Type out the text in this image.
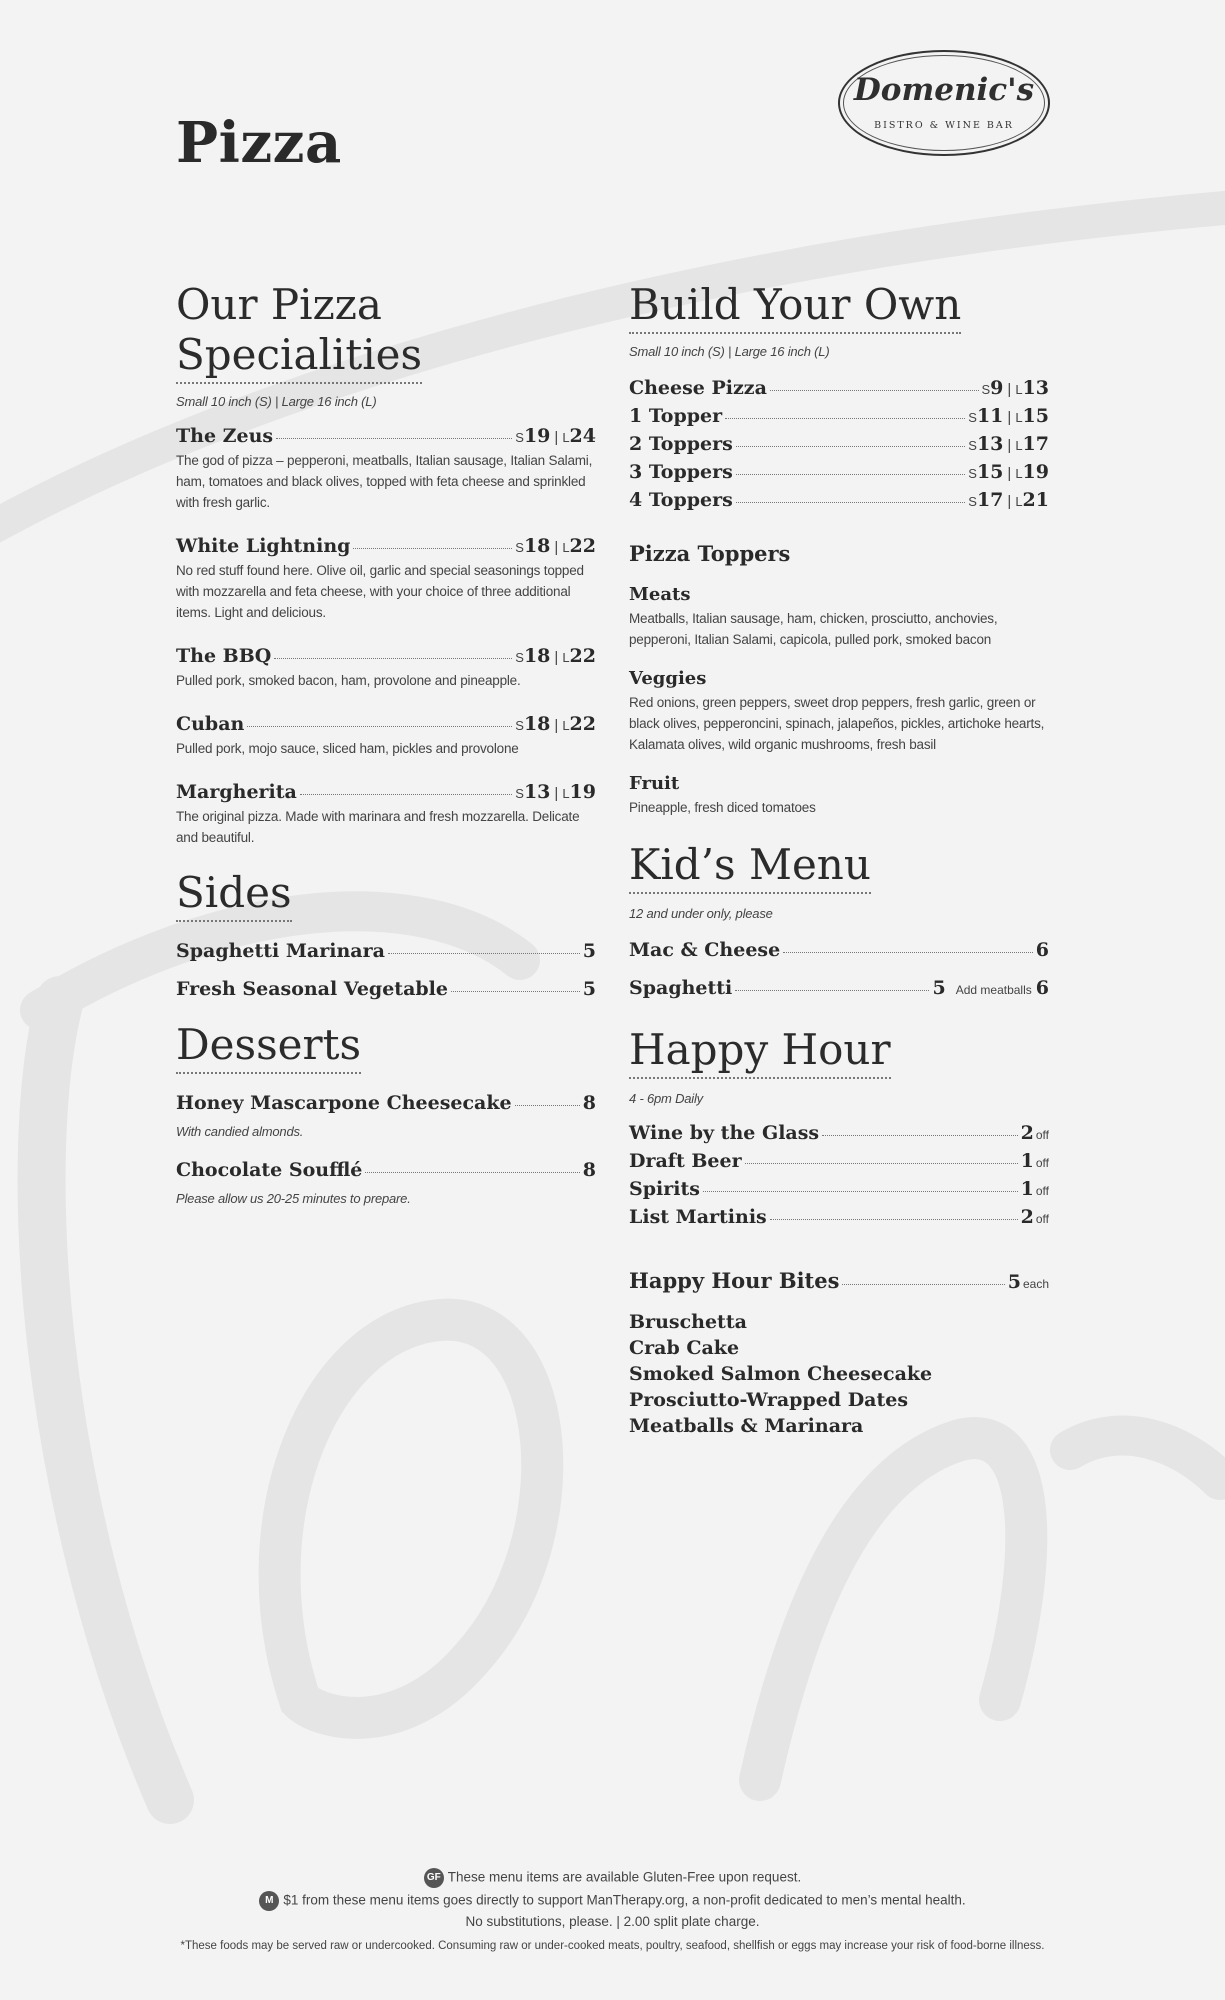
Pizza
Domenic's
BISTRO & WINE BAR
Our Pizza
Specialities
Small 10 inch (S) | Large 16 inch (L)
The Zeus	S19 | L24
The god of pizza – pepperoni, meatballs, Italian sausage, Italian Salami, ham, tomatoes and black olives, topped with feta cheese and sprinkled with fresh garlic.
White Lightning	S18 | L22
No red stuff found here. Olive oil, garlic and special seasonings topped with mozzarella and feta cheese, with your choice of three additional items. Light and delicious.
The BBQ	S18 | L22
Pulled pork, smoked bacon, ham, provolone and pineapple.
Cuban	S18 | L22
Pulled pork, mojo sauce, sliced ham, pickles and provolone
Margherita	S13 | L19
The original pizza. Made with marinara and fresh mozzarella. Delicate and beautiful.
Sides
Spaghetti Marinara	5
Fresh Seasonal Vegetable	5
Desserts
Honey Mascarpone Cheesecake	8
With candied almonds.
Chocolate Soufflé	8
Please allow us 20-25 minutes to prepare.
Build Your Own
Small 10 inch (S) | Large 16 inch (L)
Cheese Pizza	S9 | L13
1 Topper	S11 | L15
2 Toppers	S13 | L17
3 Toppers	S15 | L19
4 Toppers	S17 | L21
Pizza Toppers
Meats
Meatballs, Italian sausage, ham, chicken, prosciutto, anchovies, pepperoni, Italian Salami, capicola, pulled pork, smoked bacon
Veggies
Red onions, green peppers, sweet drop peppers, fresh garlic, green or black olives, pepperoncini, spinach, jalapeños, pickles, artichoke hearts, Kalamata olives, wild organic mushrooms, fresh basil
Fruit
Pineapple, fresh diced tomatoes
Kid’s Menu
12 and under only, please
Mac & Cheese	6
Spaghetti	5 Add meatballs 6
Happy Hour
4 - 6pm Daily
Wine by the Glass	2 off
Draft Beer	1 off
Spirits	1 off
List Martinis	2 off
Happy Hour Bites	5 each
Bruschetta
Crab Cake
Smoked Salmon Cheesecake
Prosciutto-Wrapped Dates
Meatballs & Marinara
GF These menu items are available Gluten-Free upon request.
M $1 from these menu items goes directly to support ManTherapy.org, a non-profit dedicated to men’s mental health.
No substitutions, please. | 2.00 split plate charge.
*These foods may be served raw or undercooked. Consuming raw or under-cooked meats, poultry, seafood, shellfish or eggs may increase your risk of food-borne illness.
